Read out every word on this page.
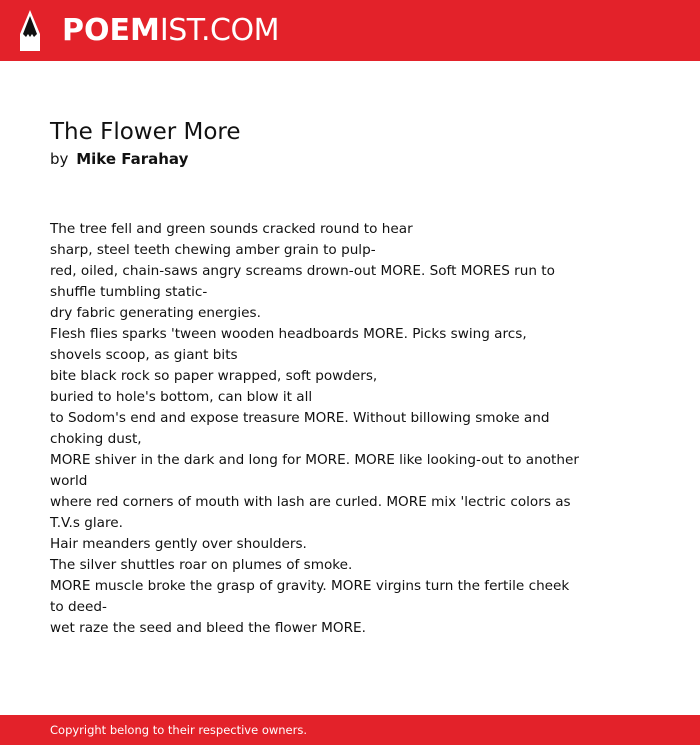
POEMIST.COM
The Flower More
by Mike Farahay
The tree fell and green sounds cracked round to hear
sharp, steel teeth chewing amber grain to pulp-
red, oiled, chain-saws angry screams drown-out MORE. Soft MORES run to shuffle tumbling static-
dry fabric generating energies.
Flesh flies sparks 'tween wooden headboards MORE. Picks swing arcs, shovels scoop, as giant bits
bite black rock so paper wrapped, soft powders,
buried to hole's bottom, can blow it all
to Sodom's end and expose treasure MORE. Without billowing smoke and choking dust,
MORE shiver in the dark and long for MORE. MORE like looking-out to another world
where red corners of mouth with lash are curled. MORE mix 'lectric colors as T.V.s glare.
Hair meanders gently over shoulders.
The silver shuttles roar on plumes of smoke.
MORE muscle broke the grasp of gravity. MORE virgins turn the fertile cheek to deed-
wet raze the seed and bleed the flower MORE.
Copyright belong to their respective owners.
